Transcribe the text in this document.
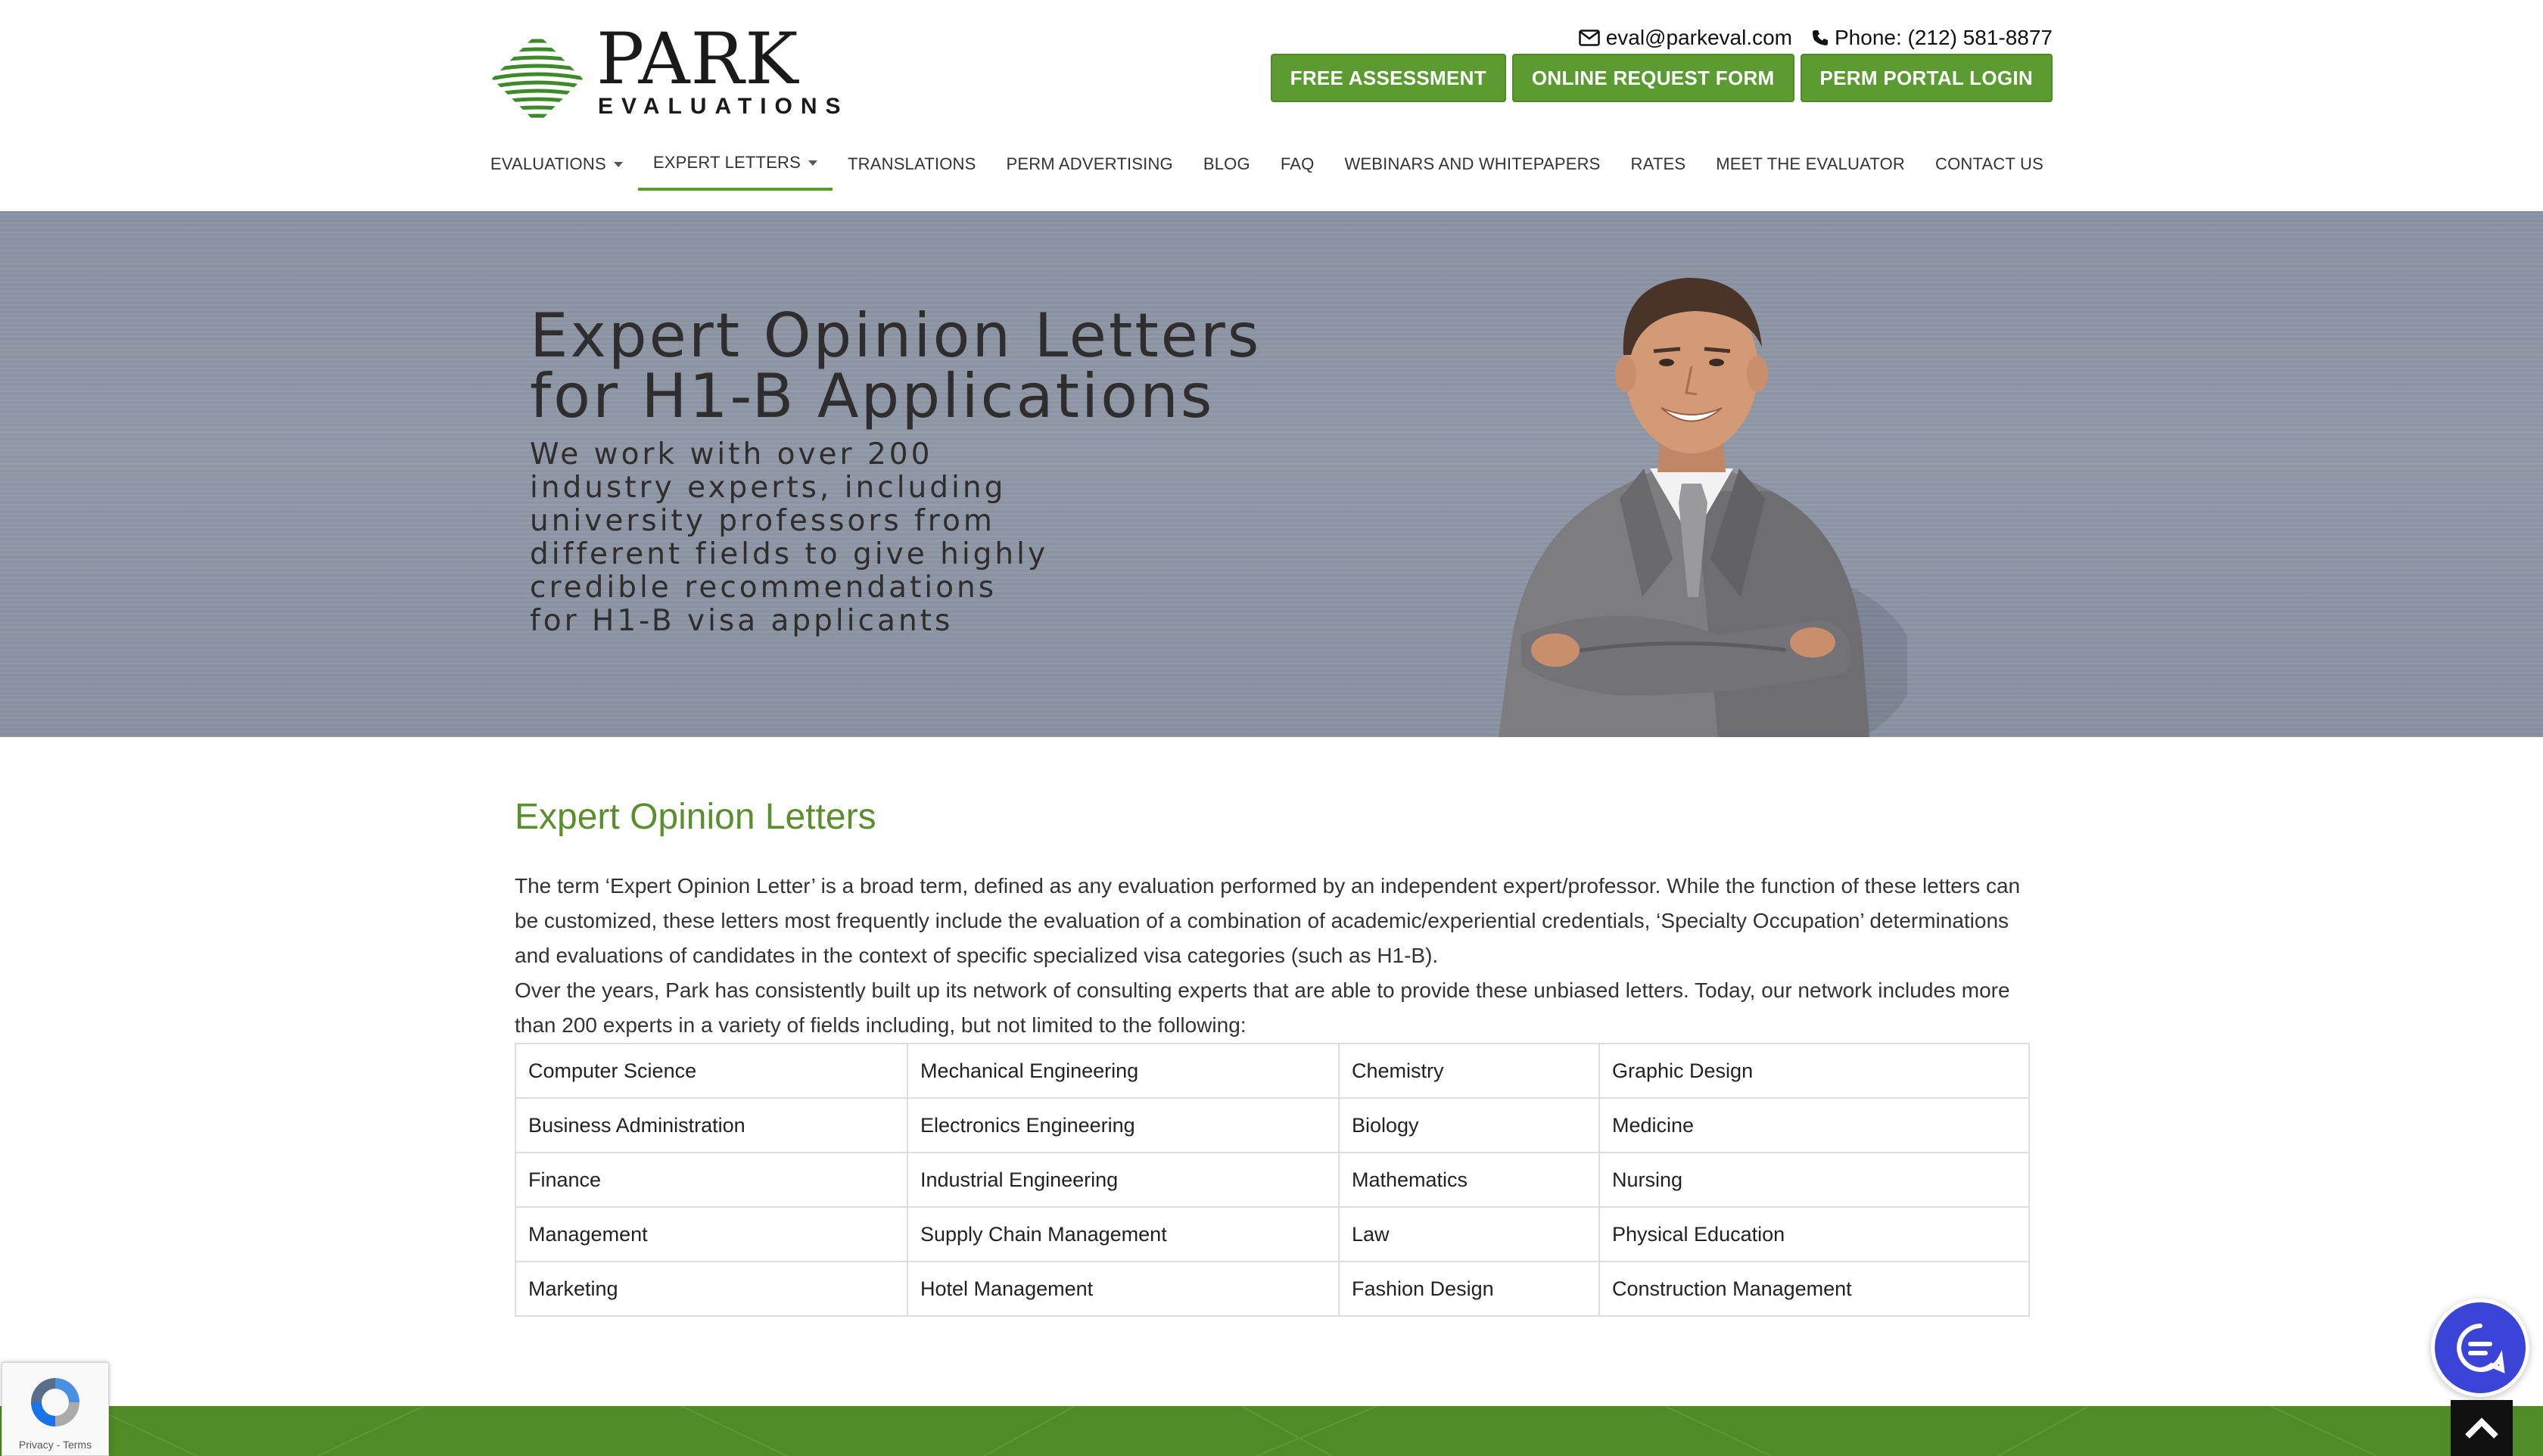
PARK
EVALUATIONS
eval@parkeval.com Phone: (212) 581-8877
FREE ASSESSMENT	ONLINE REQUEST FORM	PERM PORTAL LOGIN
EVALUATIONS	EXPERT LETTERS	TRANSLATIONS	PERM ADVERTISING	BLOG	FAQ	WEBINARS AND WHITEPAPERS	RATES	MEET THE EVALUATOR	CONTACT US
Expert Opinion Letters
for H1-B Applications

We work with over 200
industry experts, including
university professors from
different fields to give highly
credible recommendations
for H1-B visa applicants

Expert Opinion Letters

The term ‘Expert Opinion Letter’ is a broad term, defined as any evaluation performed by an independent expert/professor. While the function of these letters can be customized, these letters most frequently include the evaluation of a combination of academic/experiential credentials, ‘Specialty Occupation’ determinations and evaluations of candidates in the context of specific specialized visa categories (such as H1-B).

Over the years, Park has consistently built up its network of consulting experts that are able to provide these unbiased letters. Today, our network includes more than 200 experts in a variety of fields including, but not limited to the following:

Computer Science	Mechanical Engineering	Chemistry	Graphic Design
Business Administration	Electronics Engineering	Biology	Medicine
Finance	Industrial Engineering	Mathematics	Nursing
Management	Supply Chain Management	Law	Physical Education
Marketing	Hotel Management	Fashion Design	Construction Management
Privacy - Terms
